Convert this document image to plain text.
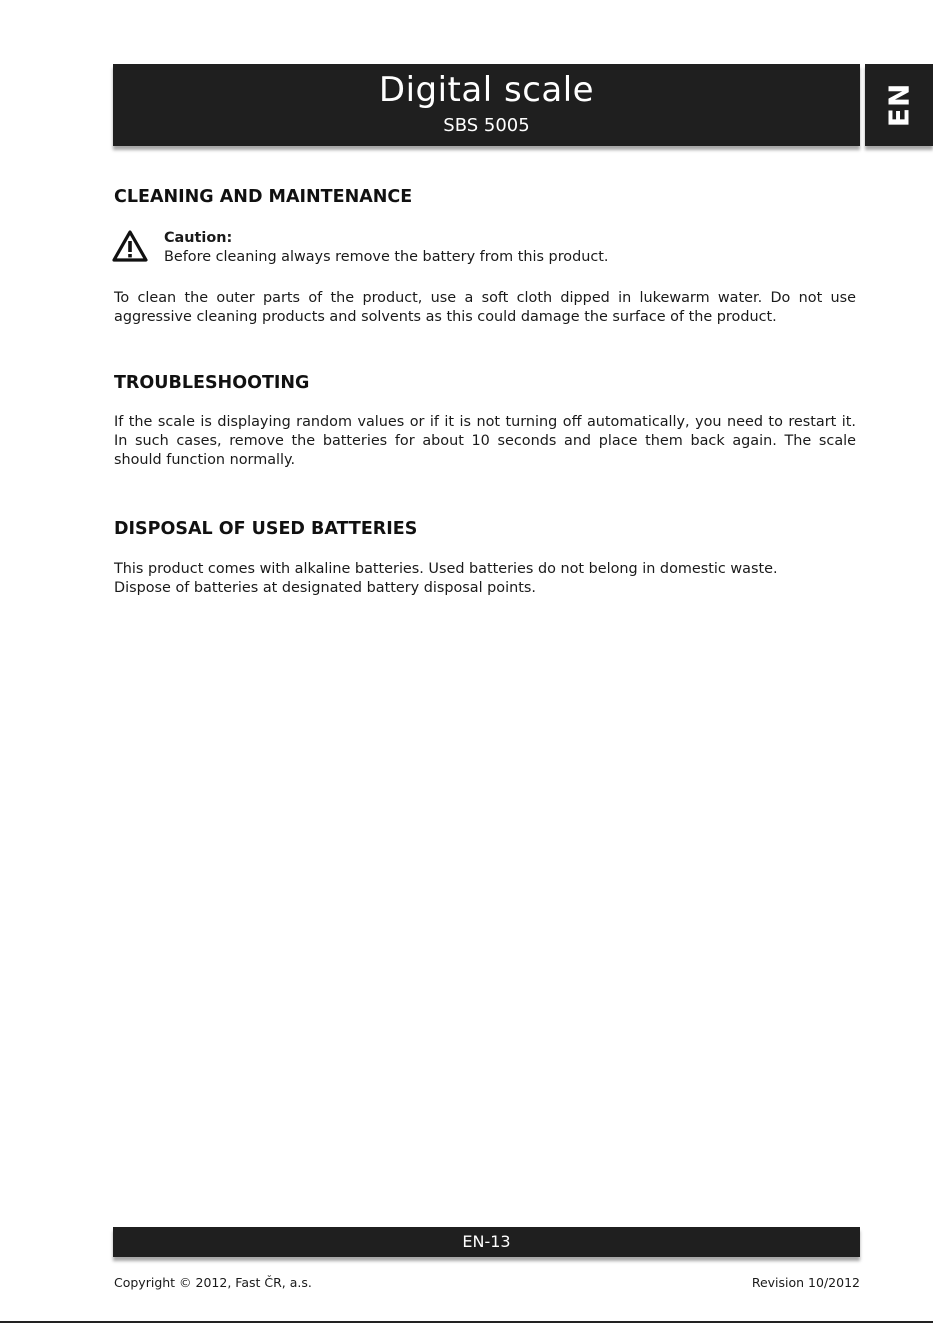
Digital scale
SBS 5005	EN
CLEANING AND MAINTENANCE
Caution:
Before cleaning always remove the battery from this product.

To clean the outer parts of the product, use a soft cloth dipped in lukewarm water. Do not use aggressive cleaning products and solvents as this could damage the surface of the product.

TROUBLESHOOTING

If the scale is displaying random values or if it is not turning off automatically, you need to restart it. In such cases, remove the batteries for about 10 seconds and place them back again. The scale should function normally.

DISPOSAL OF USED BATTERIES

This product comes with alkaline batteries. Used batteries do not belong in domestic waste.

Dispose of batteries at designated battery disposal points.

EN-13
Copyright © 2012, Fast ČR, a.s.	Revision 10/2012
